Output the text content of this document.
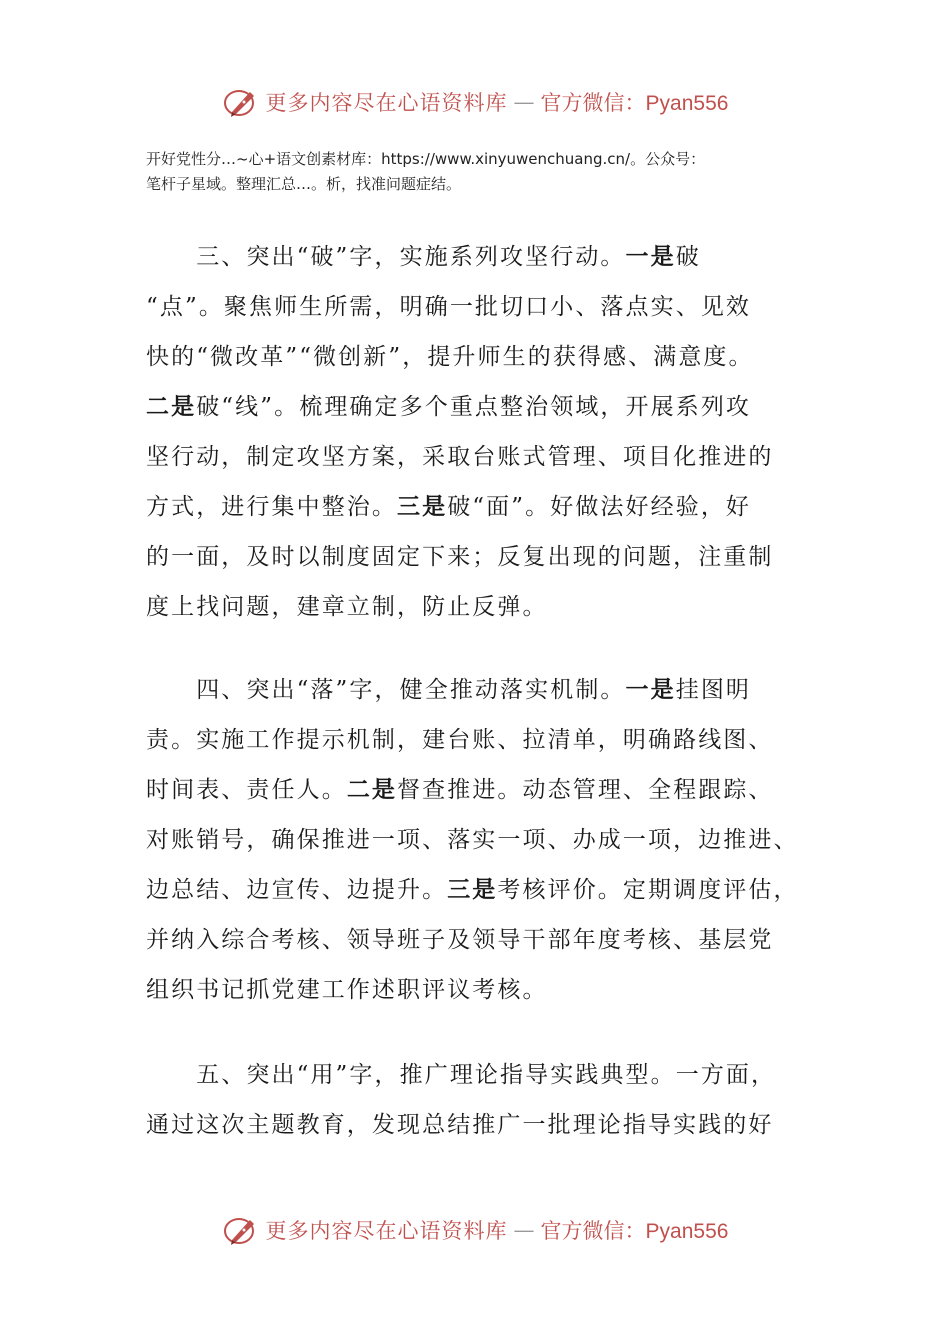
更多内容尽在心语资料库 — 官方微信：Pyan556
开好党性分…~心+语文创素材库：https://www.xinyuwenchuang.cn/。公众号：
笔杆子星域。整理汇总…。析，找准问题症结。
　　三、突出“破”字，实施系列攻坚行动。一是破
“点”。聚焦师生所需，明确一批切口小、落点实、见效
快的“微改革”“微创新”，提升师生的获得感、满意度。
二是破“线”。梳理确定多个重点整治领域，开展系列攻
坚行动，制定攻坚方案，采取台账式管理、项目化推进的
方式，进行集中整治。三是破“面”。好做法好经验，好
的一面，及时以制度固定下来；反复出现的问题，注重制
度上找问题，建章立制，防止反弹。
　　四、突出“落”字，健全推动落实机制。一是挂图明
责。实施工作提示机制，建台账、拉清单，明确路线图、
时间表、责任人。二是督查推进。动态管理、全程跟踪、
对账销号，确保推进一项、落实一项、办成一项，边推进、
边总结、边宣传、边提升。三是考核评价。定期调度评估，
并纳入综合考核、领导班子及领导干部年度考核、基层党
组织书记抓党建工作述职评议考核。
　　五、突出“用”字，推广理论指导实践典型。一方面，
通过这次主题教育，发现总结推广一批理论指导实践的好
更多内容尽在心语资料库 — 官方微信：Pyan556
